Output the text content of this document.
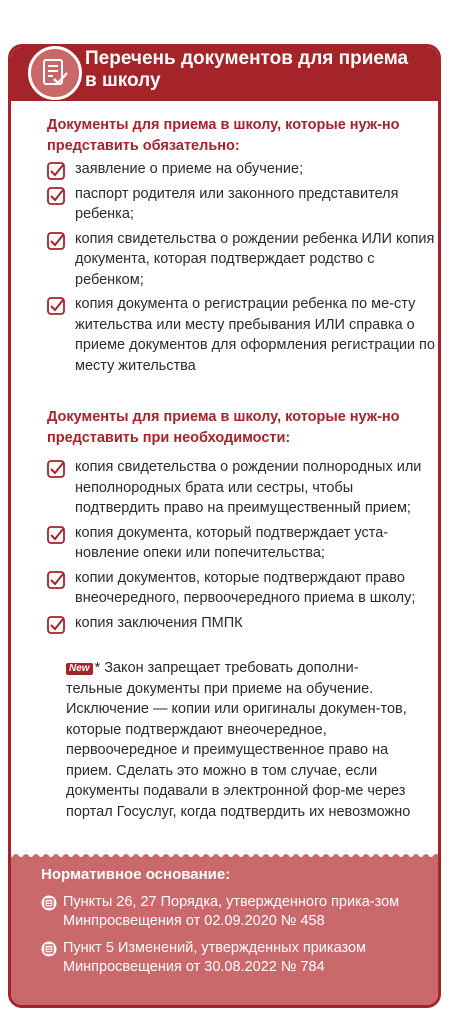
Перечень документов для приема в школу
Документы для приема в школу, которые нуж-но представить обязательно:
заявление о приеме на обучение;
паспорт родителя или законного представителя ребенка;
копия свидетельства о рождении ребенка ИЛИ копия документа, которая подтверждает родство с ребенком;
копия документа о регистрации ребенка по ме-сту жительства или месту пребывания ИЛИ справка о приеме документов для оформления регистрации по месту жительства
Документы для приема в школу, которые нуж-но представить при необходимости:
копия свидетельства о рождении полнородных или неполнородных брата или сестры, чтобы подтвердить право на преимущественный прием;
копия документа, который подтверждает уста-новление опеки или попечительства;
копии документов, которые подтверждают право внеочередного, первоочередного приема в школу;
копия заключения ПМПК
New * Закон запрещает требовать дополни-тельные документы при приеме на обучение. Исключение — копии или оригиналы докумен-тов, которые подтверждают внеочередное, первоочередное и преимущественное право на прием. Сделать это можно в том случае, если документы подавали в электронной фор-ме через портал Госуслуг, когда подтвердить их невозможно
Нормативное основание:
Пункты 26, 27 Порядка, утвержденного прика-зом Минпросвещения от 02.09.2020 № 458
Пункт 5 Изменений, утвержденных приказом Минпросвещения от 30.08.2022 № 784
